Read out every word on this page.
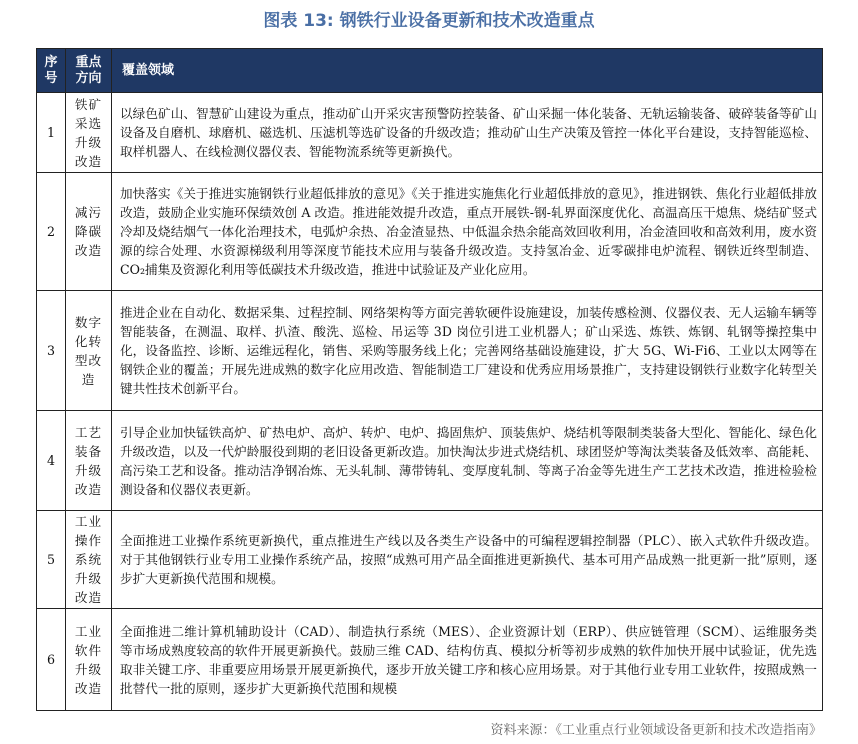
图表 13: 钢铁行业设备更新和技术改造重点
序号	重点方向	覆盖领域
1	铁矿采选升级改造	以绿色矿山、智慧矿山建设为重点，推动矿山开采灾害预警防控装备、矿山采掘一体化装备、无轨运输装备、破碎装备等矿山设备及自磨机、球磨机、磁选机、压滤机等选矿设备的升级改造；推动矿山生产决策及管控一体化平台建设，支持智能巡检、取样机器人、在线检测仪器仪表、智能物流系统等更新换代。
2	减污降碳改造	加快落实《关于推进实施钢铁行业超低排放的意见》《关于推进实施焦化行业超低排放的意见》，推进钢铁、焦化行业超低排放改造，鼓励企业实施环保绩效创 A 改造。推进能效提升改造，重点开展铁-钢-轧界面深度优化、高温高压干熄焦、烧结矿竖式冷却及烧结烟气一体化治理技术，电弧炉余热、冶金渣显热、中低温余热余能高效回收利用，冶金渣回收和高效利用，废水资源的综合处理、水资源梯级利用等深度节能技术应用与装备升级改造。支持氢冶金、近零碳排电炉流程、钢铁近终型制造、CO₂捕集及资源化利用等低碳技术升级改造，推进中试验证及产业化应用。
3	数字化转型改造	推进企业在自动化、数据采集、过程控制、网络架构等方面完善软硬件设施建设，加装传感检测、仪器仪表、无人运输车辆等智能装备，在测温、取样、扒渣、酸洗、巡检、吊运等 3D 岗位引进工业机器人；矿山采选、炼铁、炼钢、轧钢等操控集中化，设备监控、诊断、运维远程化，销售、采购等服务线上化；完善网络基础设施建设，扩大 5G、Wi-Fi6、工业以太网等在钢铁企业的覆盖；开展先进成熟的数字化应用改造、智能制造工厂建设和优秀应用场景推广，支持建设钢铁行业数字化转型关键共性技术创新平台。
4	工艺装备升级改造	引导企业加快锰铁高炉、矿热电炉、高炉、转炉、电炉、捣固焦炉、顶装焦炉、烧结机等限制类装备大型化、智能化、绿色化升级改造，以及一代炉龄服役到期的老旧设备更新改造。加快淘汰步进式烧结机、球团竖炉等淘汰类装备及低效率、高能耗、高污染工艺和设备。推动洁净钢冶炼、无头轧制、薄带铸轧、变厚度轧制、等离子冶金等先进生产工艺技术改造，推进检验检测设备和仪器仪表更新。
5	工业操作系统升级改造	全面推进工业操作系统更新换代，重点推进生产线以及各类生产设备中的可编程逻辑控制器（PLC）、嵌入式软件升级改造。对于其他钢铁行业专用工业操作系统产品，按照“成熟可用产品全面推进更新换代、基本可用产品成熟一批更新一批”原则，逐步扩大更新换代范围和规模。
6	工业软件升级改造	全面推进二维计算机辅助设计（CAD）、制造执行系统（MES）、企业资源计划（ERP）、供应链管理（SCM）、运维服务类等市场成熟度较高的软件开展更新换代。鼓励三维 CAD、结构仿真、模拟分析等初步成熟的软件加快开展中试验证，优先选取非关键工序、非重要应用场景开展更新换代，逐步开放关键工序和核心应用场景。对于其他行业专用工业软件，按照成熟一批替代一批的原则，逐步扩大更新换代范围和规模
资料来源：《工业重点行业领域设备更新和技术改造指南》
